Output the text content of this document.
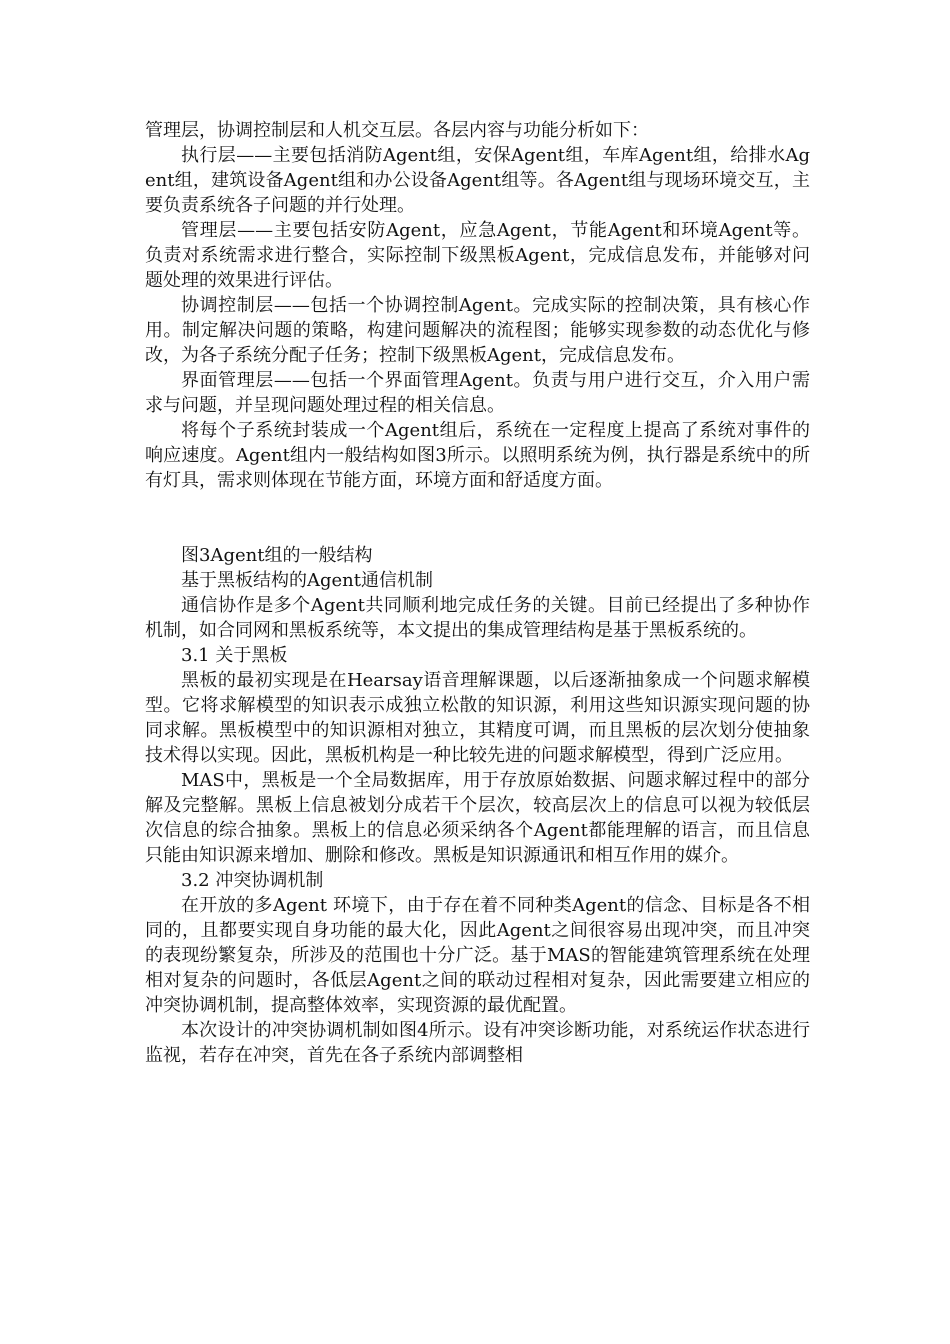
管理层，协调控制层和人机交互层。各层内容与功能分析如下：

执行层——主要包括消防Agent组，安保Agent组，车库Agent组，给排水Agent组，建筑设备Agent组和办公设备Agent组等。各Agent组与现场环境交互，主要负责系统各子问题的并行处理。

管理层——主要包括安防Agent，应急Agent，节能Agent和环境Agent等。负责对系统需求进行整合，实际控制下级黑板Agent，完成信息发布，并能够对问题处理的效果进行评估。

协调控制层——包括一个协调控制Agent。完成实际的控制决策，具有核心作用。制定解决问题的策略，构建问题解决的流程图；能够实现参数的动态优化与修改，为各子系统分配子任务；控制下级黑板Agent，完成信息发布。

界面管理层——包括一个界面管理Agent。负责与用户进行交互，介入用户需求与问题，并呈现问题处理过程的相关信息。

将每个子系统封装成一个Agent组后，系统在一定程度上提高了系统对事件的响应速度。Agent组内一般结构如图3所示。以照明系统为例，执行器是系统中的所有灯具，需求则体现在节能方面，环境方面和舒适度方面。

图3Agent组的一般结构

基于黑板结构的Agent通信机制

通信协作是多个Agent共同顺利地完成任务的关键。目前已经提出了多种协作机制，如合同网和黑板系统等，本文提出的集成管理结构是基于黑板系统的。

3.1 关于黑板

黑板的最初实现是在Hearsay语音理解课题，以后逐渐抽象成一个问题求解模型。它将求解模型的知识表示成独立松散的知识源，利用这些知识源实现问题的协同求解。黑板模型中的知识源相对独立，其精度可调，而且黑板的层次划分使抽象技术得以实现。因此，黑板机构是一种比较先进的问题求解模型，得到广泛应用。

MAS中，黑板是一个全局数据库，用于存放原始数据、问题求解过程中的部分解及完整解。黑板上信息被划分成若干个层次，较高层次上的信息可以视为较低层次信息的综合抽象。黑板上的信息必须采纳各个Agent都能理解的语言，而且信息只能由知识源来增加、删除和修改。黑板是知识源通讯和相互作用的媒介。

3.2 冲突协调机制

在开放的多Agent 环境下，由于存在着不同种类Agent的信念、目标是各不相同的，且都要实现自身功能的最大化，因此Agent之间很容易出现冲突，而且冲突的表现纷繁复杂，所涉及的范围也十分广泛。基于MAS的智能建筑管理系统在处理相对复杂的问题时，各低层Agent之间的联动过程相对复杂，因此需要建立相应的冲突协调机制，提高整体效率，实现资源的最优配置。

本次设计的冲突协调机制如图4所示。设有冲突诊断功能，对系统运作状态进行监视，若存在冲突，首先在各子系统内部调整相
